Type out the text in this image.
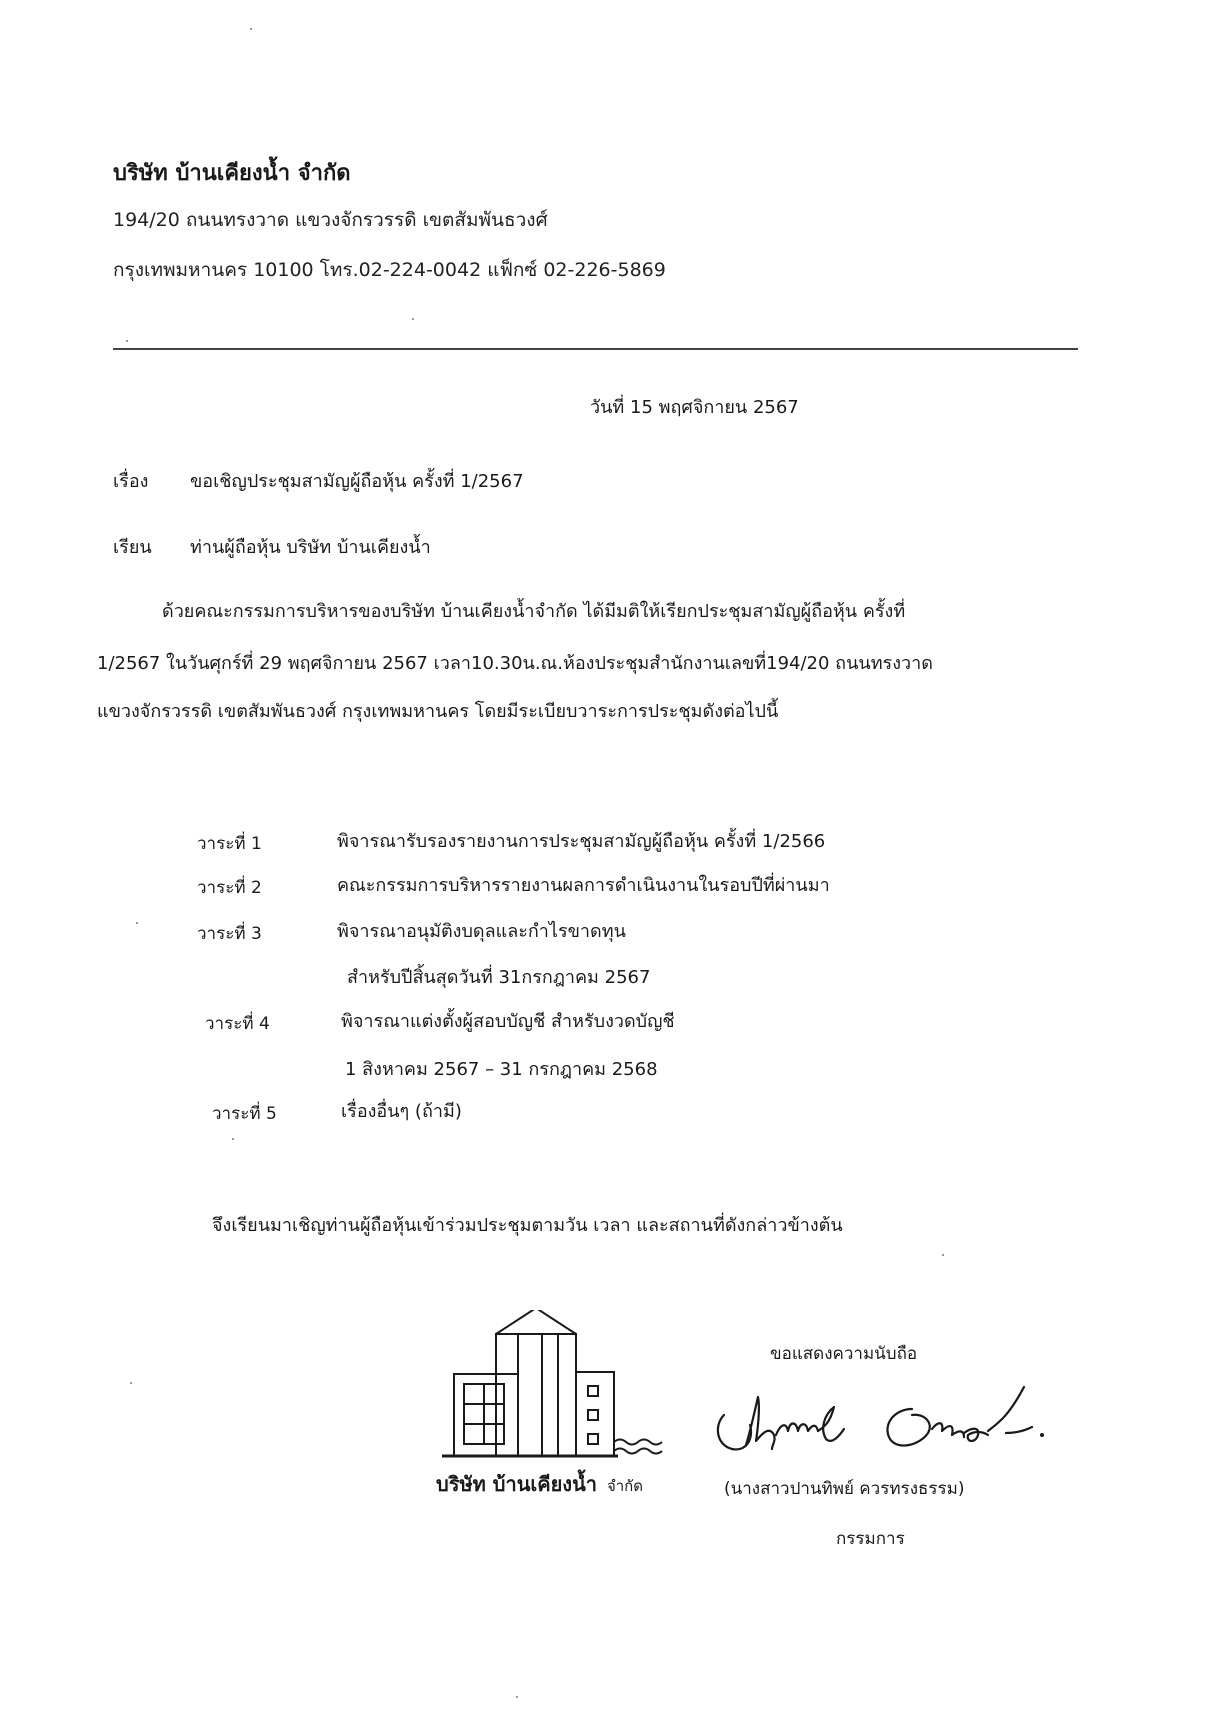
บริษัท บ้านเคียงน้ำ จำกัด
194/20 ถนนทรงวาด แขวงจักรวรรดิ เขตสัมพันธวงศ์
กรุงเทพมหานคร 10100 โทร.02-224-0042 แฟ็กซ์ 02-226-5869
วันที่ 15 พฤศจิกายน 2567
เรื่อง ขอเชิญประชุมสามัญผู้ถือหุ้น ครั้งที่ 1/2567
เรียน ท่านผู้ถือหุ้น บริษัท บ้านเคียงน้ำ
ด้วยคณะกรรมการบริหารของบริษัท บ้านเคียงน้ำจำกัด ได้มีมติให้เรียกประชุมสามัญผู้ถือหุ้น ครั้งที่
1/2567 ในวันศุกร์ที่ 29 พฤศจิกายน 2567 เวลา10.30น.ณ.ห้องประชุมสำนักงานเลขที่194/20 ถนนทรงวาด
แขวงจักรวรรดิ เขตสัมพันธวงศ์ กรุงเทพมหานคร โดยมีระเบียบวาระการประชุมดังต่อไปนี้
วาระที่ 1	พิจารณารับรองรายงานการประชุมสามัญผู้ถือหุ้น ครั้งที่ 1/2566
วาระที่ 2	คณะกรรมการบริหารรายงานผลการดำเนินงานในรอบปีที่ผ่านมา
วาระที่ 3	พิจารณาอนุมัติงบดุลและกำไรขาดทุน
สำหรับปีสิ้นสุดวันที่ 31กรกฎาคม 2567
วาระที่ 4	พิจารณาแต่งตั้งผู้สอบบัญชี สำหรับงวดบัญชี
1 สิงหาคม 2567 – 31 กรกฎาคม 2568
วาระที่ 5	เรื่องอื่นๆ (ถ้ามี)
จึงเรียนมาเชิญท่านผู้ถือหุ้นเข้าร่วมประชุมตามวัน เวลา และสถานที่ดังกล่าวข้างต้น
บริษัท บ้านเคียงน้ำ จำกัด
ขอแสดงความนับถือ
(นางสาวปานทิพย์ ควรทรงธรรม)
กรรมการ
